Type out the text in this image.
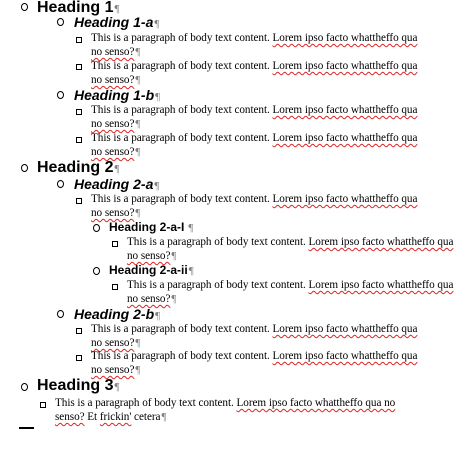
Heading 1¶
Heading 1-a¶
This is a paragraph of body text content. Lorem ipso facto whattheffo qua
no senso?¶
This is a paragraph of body text content. Lorem ipso facto whattheffo qua
no senso?¶
Heading 1-b¶
This is a paragraph of body text content. Lorem ipso facto whattheffo qua
no senso?¶
This is a paragraph of body text content. Lorem ipso facto whattheffo qua
no senso?¶
Heading 2¶
Heading 2-a¶
This is a paragraph of body text content. Lorem ipso facto whattheffo qua
no senso?¶
Heading 2-a-I ¶
This is a paragraph of body text content. Lorem ipso facto whattheffo qua
no senso?¶
Heading 2-a-ii¶
This is a paragraph of body text content. Lorem ipso facto whattheffo qua
no senso?¶
Heading 2-b¶
This is a paragraph of body text content. Lorem ipso facto whattheffo qua
no senso?¶
This is a paragraph of body text content. Lorem ipso facto whattheffo qua
no senso?¶
Heading 3¶
This is a paragraph of body text content. Lorem ipso facto whattheffo qua no
senso? Et frickin' cetera¶
